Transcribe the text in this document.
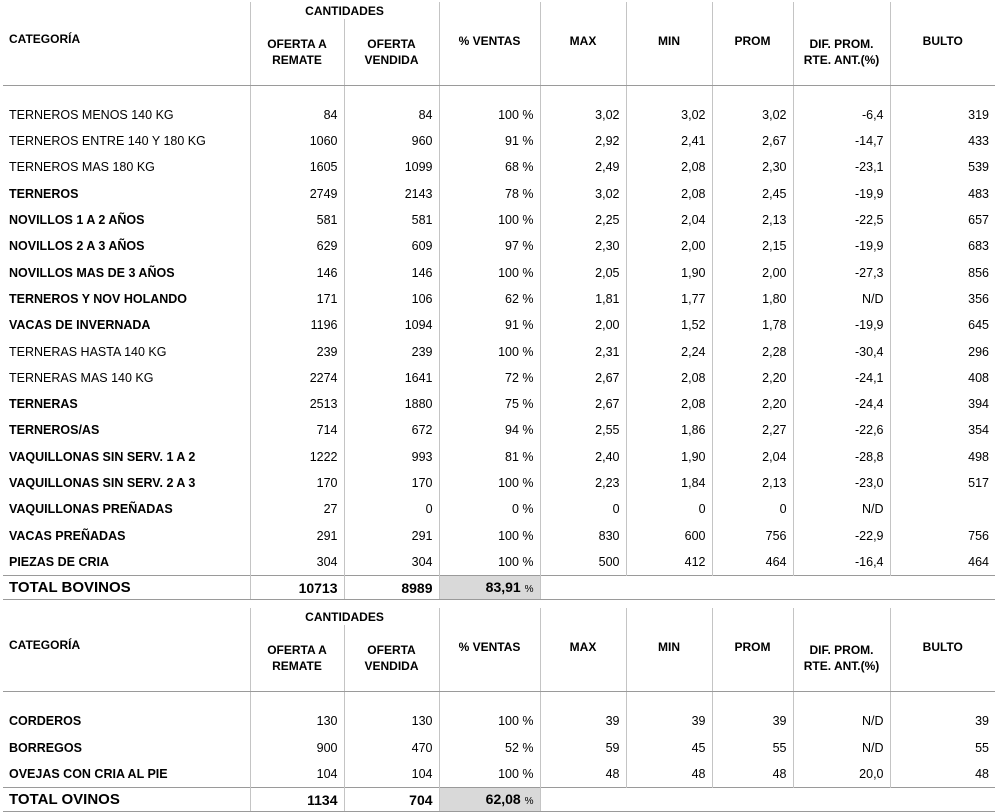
	CANTIDADES							
CATEGORÍA	OFERTA A REMATE	OFERTA VENDIDA	% VENTAS	MAX	MIN	PROM	DIF. PROM. RTE. ANT.(%)	BULTO

TERNEROS MENOS 140 KG	84	84	100 %	3,02	3,02	3,02	-6,4	319
TERNEROS ENTRE 140 Y 180 KG	1060	960	91 %	2,92	2,41	2,67	-14,7	433
TERNEROS MAS 180 KG	1605	1099	68 %	2,49	2,08	2,30	-23,1	539
TERNEROS	2749	2143	78 %	3,02	2,08	2,45	-19,9	483
NOVILLOS 1 A 2 AÑOS	581	581	100 %	2,25	2,04	2,13	-22,5	657
NOVILLOS 2 A 3 AÑOS	629	609	97 %	2,30	2,00	2,15	-19,9	683
NOVILLOS MAS DE 3 AÑOS	146	146	100 %	2,05	1,90	2,00	-27,3	856
TERNEROS Y NOV HOLANDO	171	106	62 %	1,81	1,77	1,80	N/D	356
VACAS DE INVERNADA	1196	1094	91 %	2,00	1,52	1,78	-19,9	645
TERNERAS HASTA 140 KG	239	239	100 %	2,31	2,24	2,28	-30,4	296
TERNERAS MAS 140 KG	2274	1641	72 %	2,67	2,08	2,20	-24,1	408
TERNERAS	2513	1880	75 %	2,67	2,08	2,20	-24,4	394
TERNEROS/AS	714	672	94 %	2,55	1,86	2,27	-22,6	354
VAQUILLONAS SIN SERV. 1 A 2	1222	993	81 %	2,40	1,90	2,04	-28,8	498
VAQUILLONAS SIN SERV. 2 A 3	170	170	100 %	2,23	1,84	2,13	-23,0	517
VAQUILLONAS PREÑADAS	27	0	0 %	0	0	0	N/D	
VACAS PREÑADAS	291	291	100 %	830	600	756	-22,9	756
PIEZAS DE CRIA	304	304	100 %	500	412	464	-16,4	464
TOTAL BOVINOS	10713	8989	83,91 %					
	CANTIDADES							
CATEGORÍA	OFERTA A REMATE	OFERTA VENDIDA	% VENTAS	MAX	MIN	PROM	DIF. PROM. RTE. ANT.(%)	BULTO

CORDEROS	130	130	100 %	39	39	39	N/D	39
BORREGOS	900	470	52 %	59	45	55	N/D	55
OVEJAS CON CRIA AL PIE	104	104	100 %	48	48	48	20,0	48
TOTAL OVINOS	1134	704	62,08 %					
